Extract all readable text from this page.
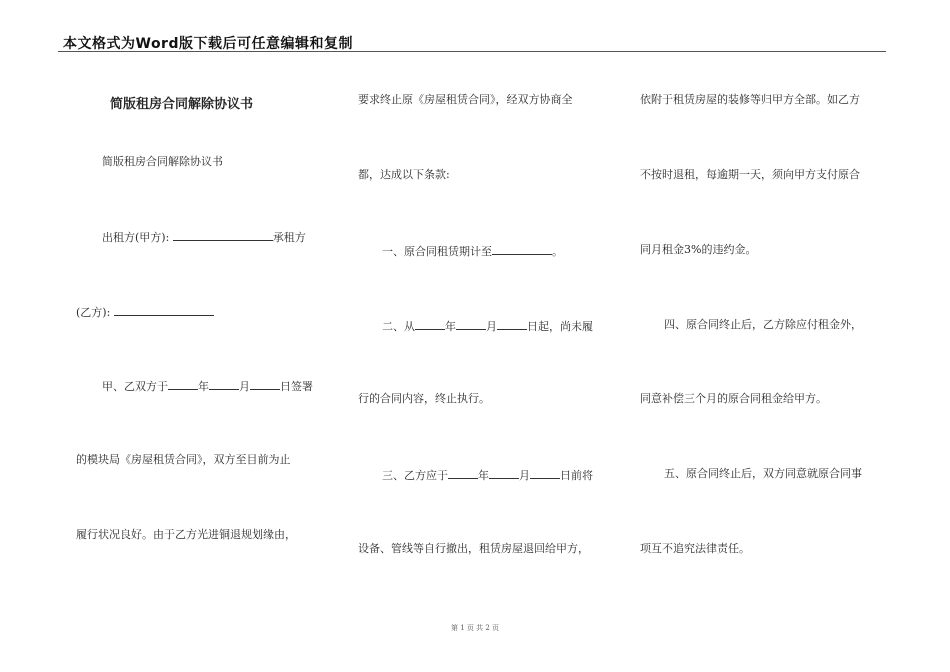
本文格式为Word版下载后可任意编辑和复制
简版租房合同解除协议书
简版租房合同解除协议书
出租方(甲方):	承租方
(乙方):
甲、乙双方于	年	月	日签署
的模块局《房屋租赁合同》，双方至目前为止
履行状况良好。由于乙方光进铜退规划缘由，
要求终止原《房屋租赁合同》，经双方协商全
都，达成以下条款:
一、原合同租赁期计至	。
二、从	年	月	日起，尚未履
行的合同内容，终止执行。
三、乙方应于	年	月	日前将
设备、管线等自行撤出，租赁房屋退回给甲方，
依附于租赁房屋的装修等归甲方全部。如乙方
不按时退租，每逾期一天，须向甲方支付原合
同月租金3%的违约金。
四、原合同终止后，乙方除应付租金外，
同意补偿三个月的原合同租金给甲方。
五、原合同终止后，双方同意就原合同事
项互不追究法律责任。
第 1 页 共 2 页
